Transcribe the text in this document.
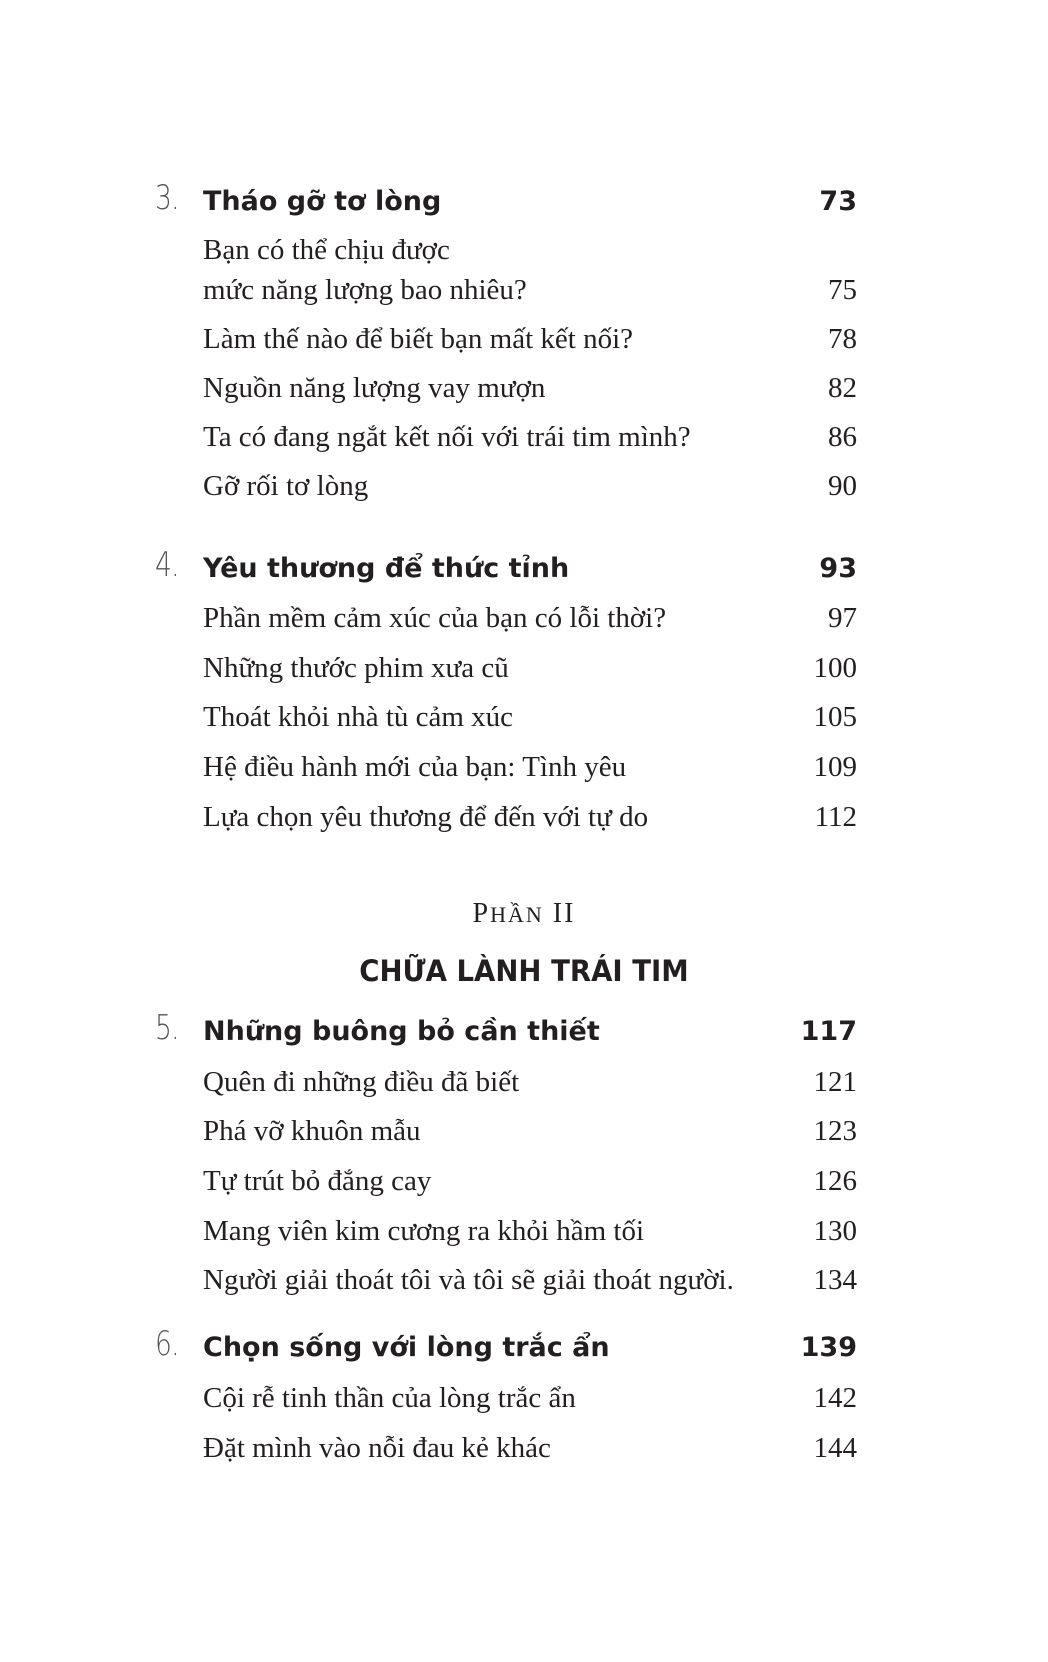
3. Tháo gỡ tơ lòng	73
Bạn có thể chịu được
mức năng lượng bao nhiêu?	75
Làm thế nào để biết bạn mất kết nối?	78
Nguồn năng lượng vay mượn	82
Ta có đang ngắt kết nối với trái tim mình?	86
Gỡ rối tơ lòng	90
4. Yêu thương để thức tỉnh	93
Phần mềm cảm xúc của bạn có lỗi thời?	97
Những thước phim xưa cũ	100
Thoát khỏi nhà tù cảm xúc	105
Hệ điều hành mới của bạn: Tình yêu	109
Lựa chọn yêu thương để đến với tự do	112
PHẦN II
CHỮA LÀNH TRÁI TIM
5. Những buông bỏ cần thiết	117
Quên đi những điều đã biết	121
Phá vỡ khuôn mẫu	123
Tự trút bỏ đắng cay	126
Mang viên kim cương ra khỏi hầm tối	130
Người giải thoát tôi và tôi sẽ giải thoát người.	134
6. Chọn sống với lòng trắc ẩn	139
Cội rễ tinh thần của lòng trắc ẩn	142
Đặt mình vào nỗi đau kẻ khác	144
